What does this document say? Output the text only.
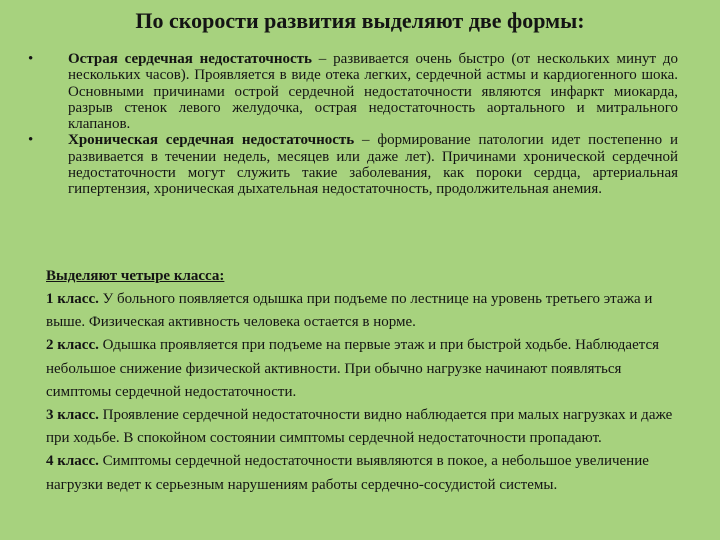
По скорости развития выделяют две формы:
• Острая сердечная недостаточность – развивается очень быстро (от нескольких минут до нескольких часов). Проявляется в виде отека легких, сердечной астмы и кардиогенного шока. Основными причинами острой сердечной недостаточности являются инфаркт миокарда, разрыв стенок левого желудочка, острая недостаточность аортального и митрального клапанов.
• Хроническая сердечная недостаточность – формирование патологии идет постепенно и развивается в течении недель, месяцев или даже лет). Причинами хронической сердечной недостаточности могут служить такие заболевания, как пороки сердца, артериальная гипертензия, хроническая дыхательная недостаточность, продолжительная анемия.
Выделяют четыре класса:
1 класс. У больного появляется одышка при подъеме по лестнице на уровень третьего этажа и выше. Физическая активность человека остается в норме.
2 класс. Одышка проявляется при подъеме на первые этаж и при быстрой ходьбе. Наблюдается небольшое снижение физической активности. При обычно нагрузке начинают появляться симптомы сердечной недостаточности.
3 класс. Проявление сердечной недостаточности видно наблюдается при малых нагрузках и даже при ходьбе. В спокойном состоянии симптомы сердечной недостаточности пропадают.
4 класс. Симптомы сердечной недостаточности выявляются в покое, а небольшое увеличение нагрузки ведет к серьезным нарушениям работы сердечно-сосудистой системы.
